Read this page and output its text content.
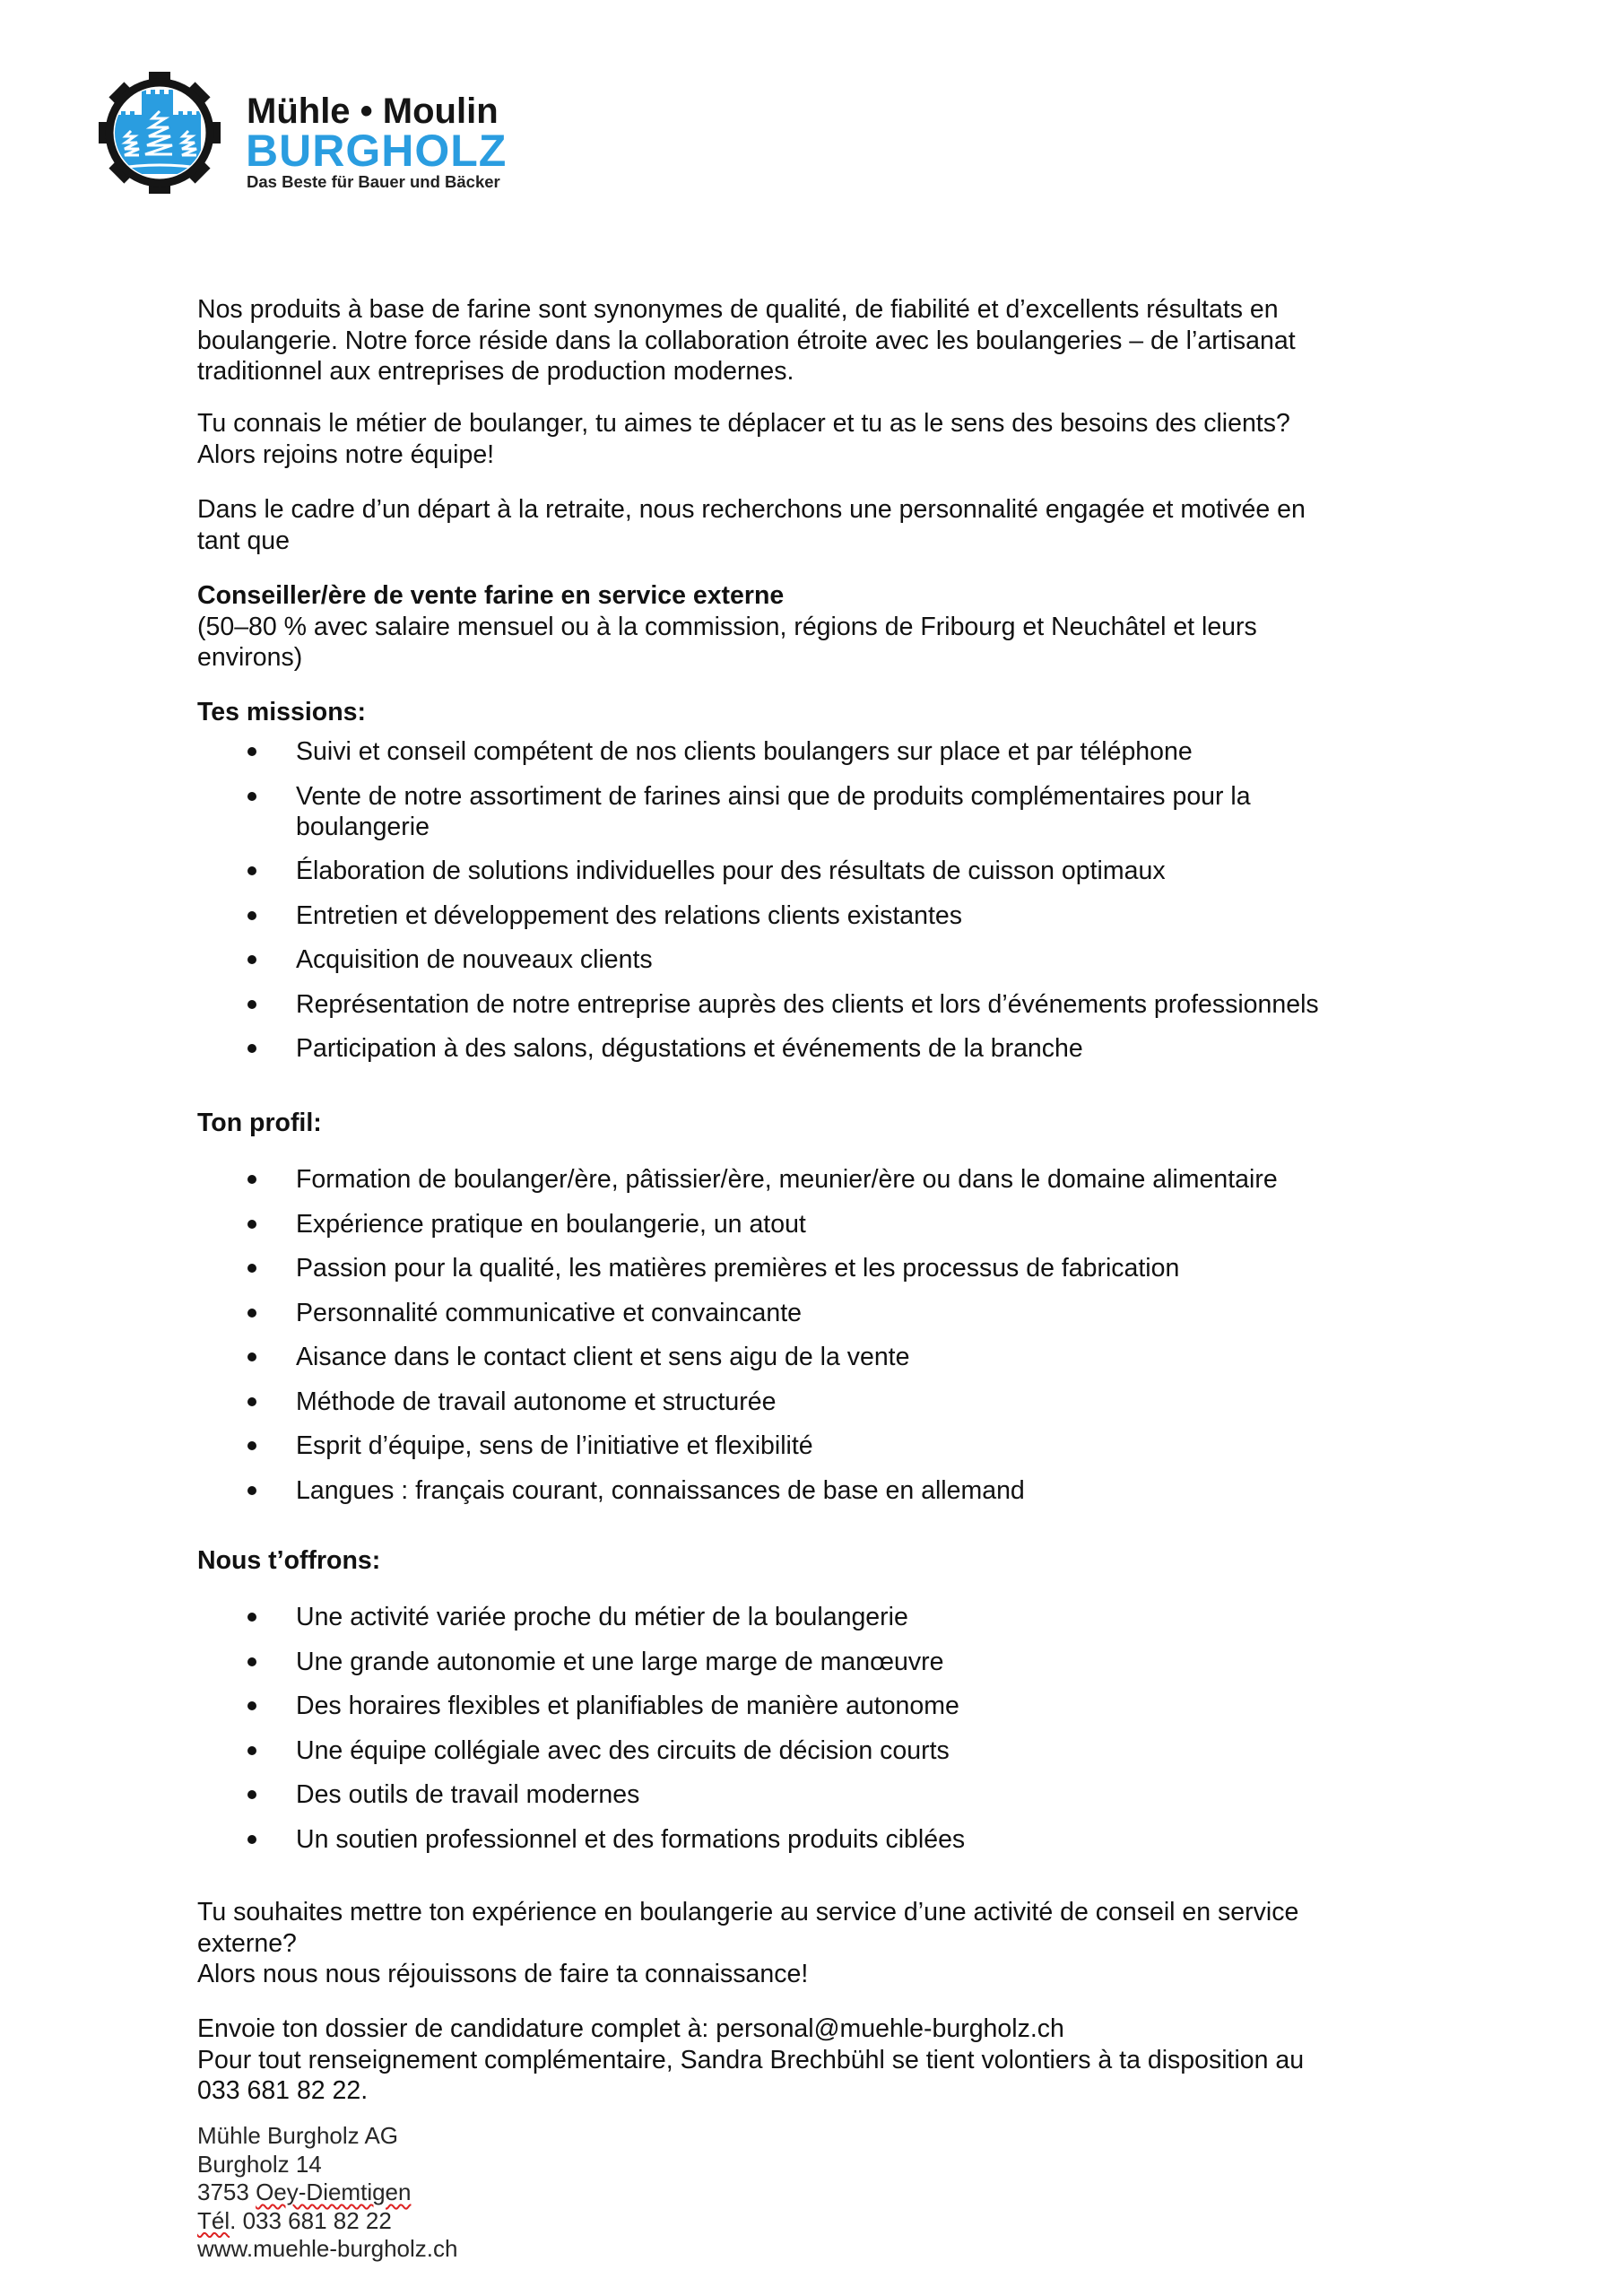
Mühle • Moulin
BURGHOLZ
Das Beste für Bauer und Bäcker

Nos produits à base de farine sont synonymes de qualité, de fiabilité et d’excellents résultats en

boulangerie. Notre force réside dans la collaboration étroite avec les boulangeries – de l’artisanat

traditionnel aux entreprises de production modernes.

Tu connais le métier de boulanger, tu aimes te déplacer et tu as le sens des besoins des clients?

Alors rejoins notre équipe!

Dans le cadre d’un départ à la retraite, nous recherchons une personnalité engagée et motivée en

tant que

Conseiller/ère de vente farine en service externe

(50–80 % avec salaire mensuel ou à la commission, régions de Fribourg et Neuchâtel et leurs

environs)

Tes missions:
Suivi et conseil compétent de nos clients boulangers sur place et par téléphone
Vente de notre assortiment de farines ainsi que de produits complémentaires pour la
boulangerie
Élaboration de solutions individuelles pour des résultats de cuisson optimaux
Entretien et développement des relations clients existantes
Acquisition de nouveaux clients
Représentation de notre entreprise auprès des clients et lors d’événements professionnels
Participation à des salons, dégustations et événements de la branche
Ton profil:
Formation de boulanger/ère, pâtissier/ère, meunier/ère ou dans le domaine alimentaire
Expérience pratique en boulangerie, un atout
Passion pour la qualité, les matières premières et les processus de fabrication
Personnalité communicative et convaincante
Aisance dans le contact client et sens aigu de la vente
Méthode de travail autonome et structurée
Esprit d’équipe, sens de l’initiative et flexibilité
Langues : français courant, connaissances de base en allemand
Nous t’offrons:
Une activité variée proche du métier de la boulangerie
Une grande autonomie et une large marge de manœuvre
Des horaires flexibles et planifiables de manière autonome
Une équipe collégiale avec des circuits de décision courts
Des outils de travail modernes
Un soutien professionnel et des formations produits ciblées

Tu souhaites mettre ton expérience en boulangerie au service d’une activité de conseil en service

externe?

Alors nous nous réjouissons de faire ta connaissance!

Envoie ton dossier de candidature complet à: personal@muehle-burgholz.ch

Pour tout renseignement complémentaire, Sandra Brechbühl se tient volontiers à ta disposition au

033 681 82 22.

Mühle Burgholz AG
Burgholz 14
3753 Oey-Diemtigen
Tél. 033 681 82 22
www.muehle-burgholz.ch
